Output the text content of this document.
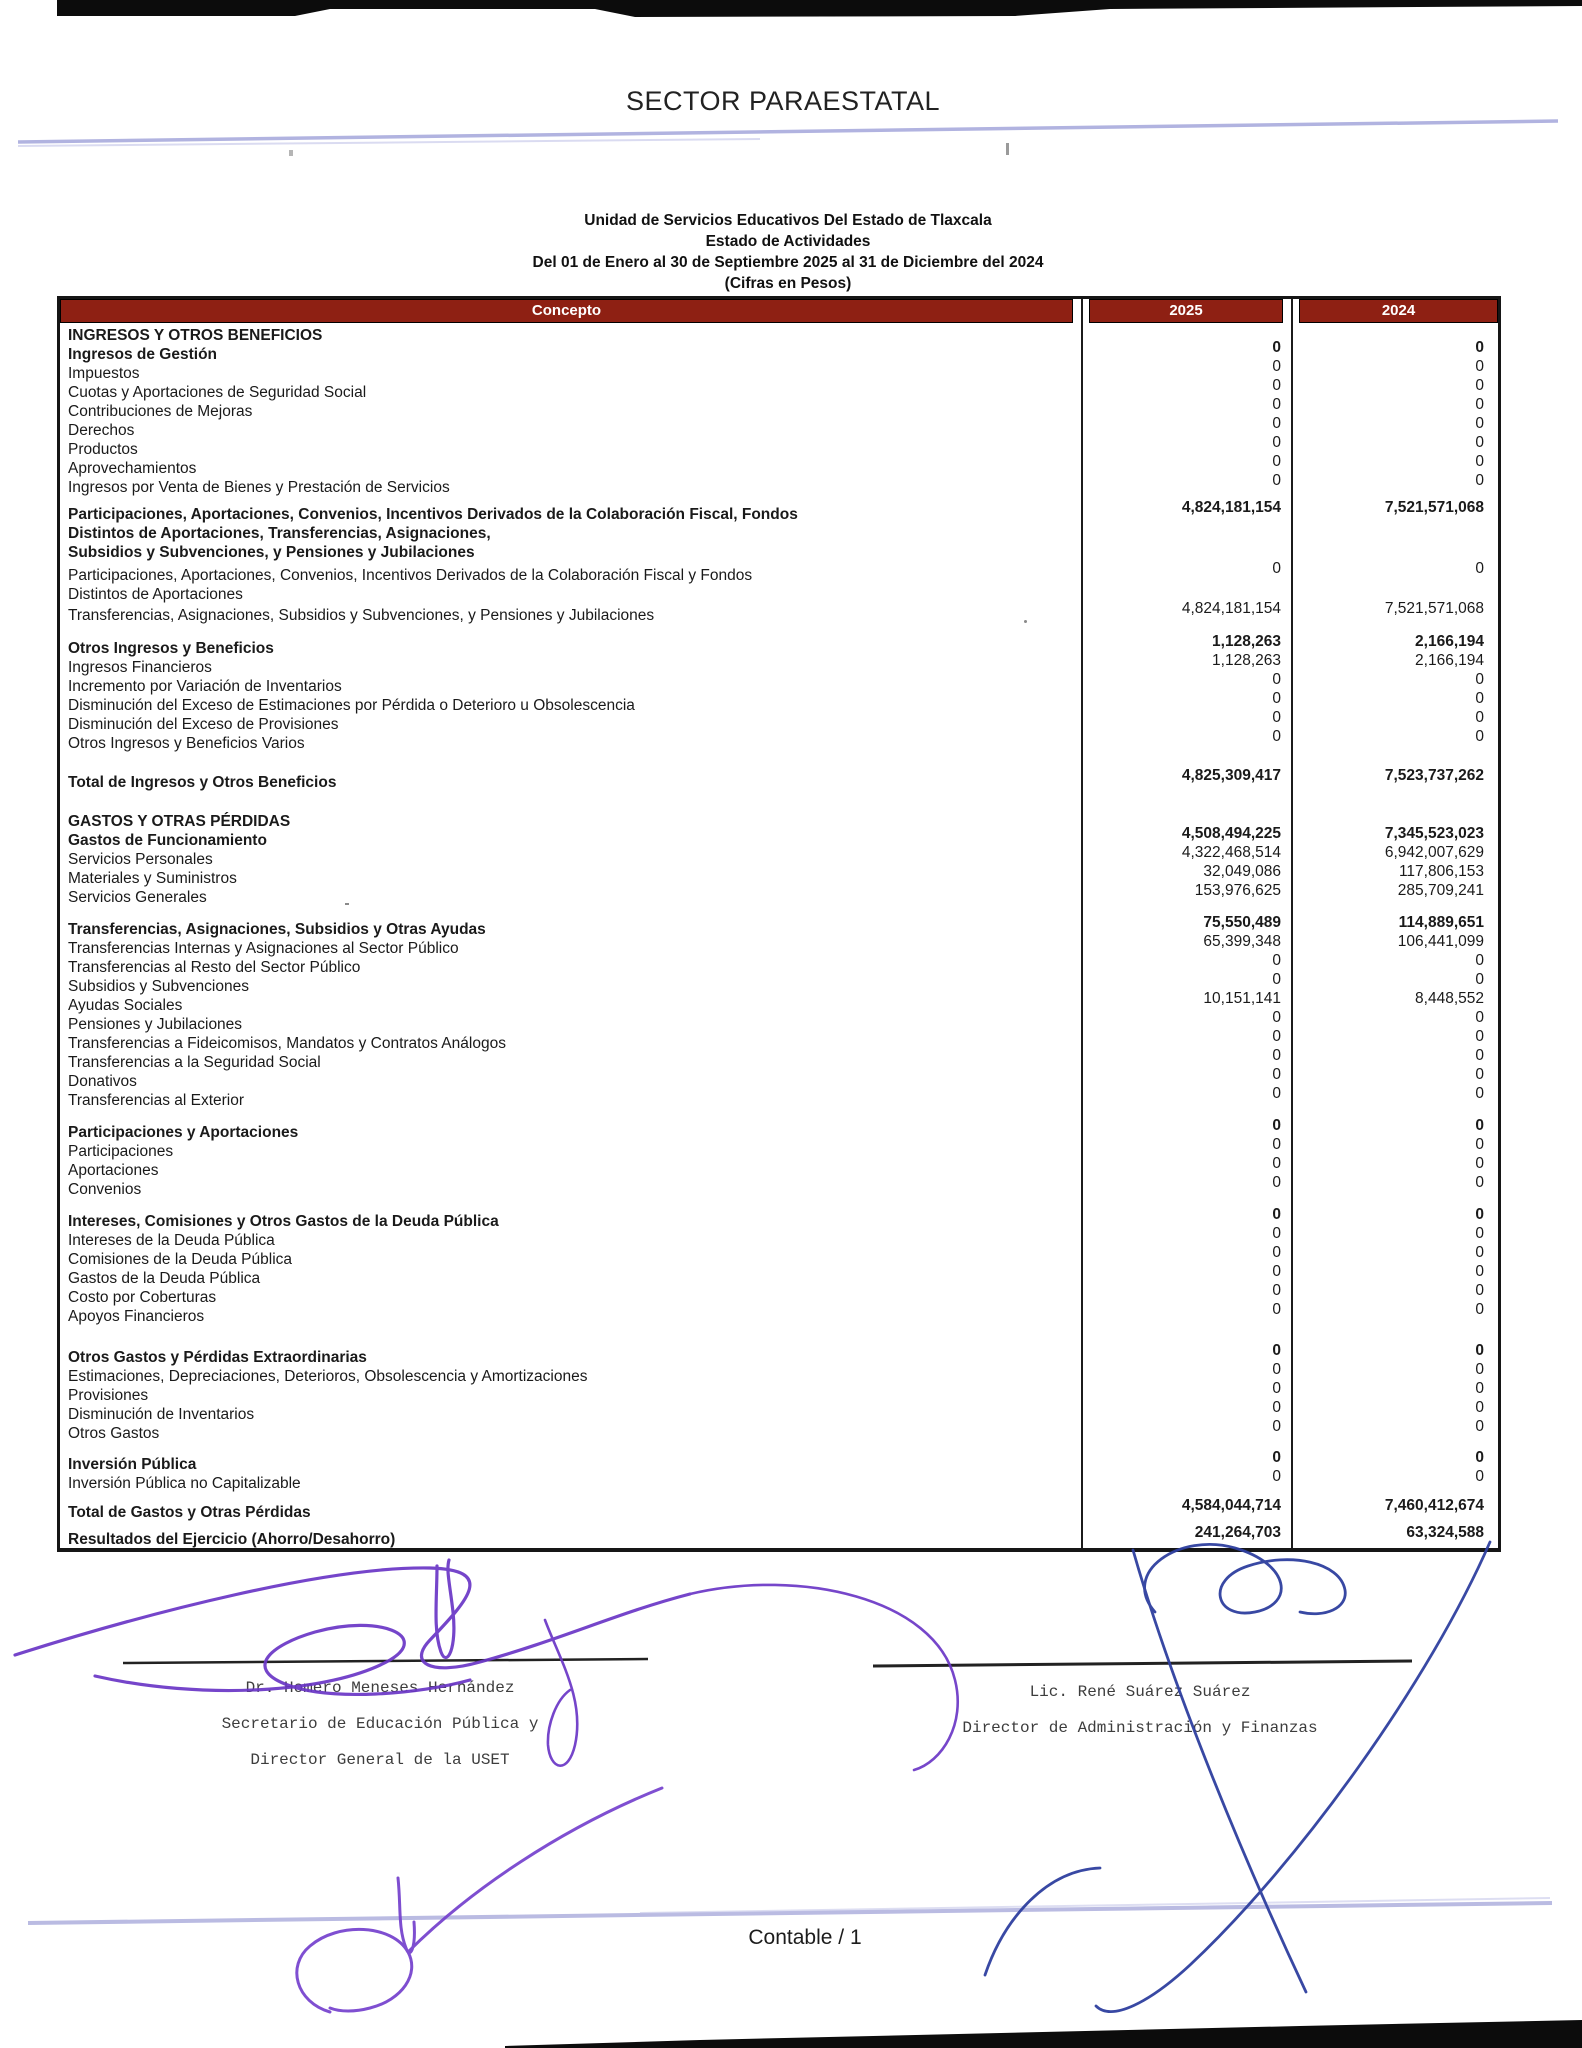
SECTOR PARAESTATAL
Unidad de Servicios Educativos Del Estado de Tlaxcala
Estado de Actividades
Del 01 de Enero al 30 de Septiembre 2025 al 31 de Diciembre del 2024
(Cifras en Pesos)
Concepto	2025	2024
INGRESOS Y OTROS BENEFICIOS
Ingresos de Gestión	0	0
Impuestos	0	0
Cuotas y Aportaciones de Seguridad Social	0	0
Contribuciones de Mejoras	0	0
Derechos	0	0
Productos	0	0
Aprovechamientos	0	0
Ingresos por Venta de Bienes y Prestación de Servicios	0	0
Participaciones, Aportaciones, Convenios, Incentivos Derivados de la Colaboración Fiscal, Fondos
Distintos de Aportaciones, Transferencias, Asignaciones,
Subsidios y Subvenciones, y Pensiones y Jubilaciones
4,824,181,154	7,521,571,068
Participaciones, Aportaciones, Convenios, Incentivos Derivados de la Colaboración Fiscal y Fondos
Distintos de Aportaciones
0	0
Transferencias, Asignaciones, Subsidios y Subvenciones, y Pensiones y Jubilaciones	4,824,181,154	7,521,571,068
Otros Ingresos y Beneficios	1,128,263	2,166,194
Ingresos Financieros	1,128,263	2,166,194
Incremento por Variación de Inventarios	0	0
Disminución del Exceso de Estimaciones por Pérdida o Deterioro u Obsolescencia	0	0
Disminución del Exceso de Provisiones	0	0
Otros Ingresos y Beneficios Varios	0	0
Total de Ingresos y Otros Beneficios	4,825,309,417	7,523,737,262
GASTOS Y OTRAS PÉRDIDAS
Gastos de Funcionamiento	4,508,494,225	7,345,523,023
Servicios Personales	4,322,468,514	6,942,007,629
Materiales y Suministros	32,049,086	117,806,153
Servicios Generales	153,976,625	285,709,241
Transferencias, Asignaciones, Subsidios y Otras Ayudas	75,550,489	114,889,651
Transferencias Internas y Asignaciones al Sector Público	65,399,348	106,441,099
Transferencias al Resto del Sector Público	0	0
Subsidios y Subvenciones	0	0
Ayudas Sociales	10,151,141	8,448,552
Pensiones y Jubilaciones	0	0
Transferencias a Fideicomisos, Mandatos y Contratos Análogos	0	0
Transferencias a la Seguridad Social	0	0
Donativos	0	0
Transferencias al Exterior	0	0
Participaciones y Aportaciones	0	0
Participaciones	0	0
Aportaciones	0	0
Convenios	0	0
Intereses, Comisiones y Otros Gastos de la Deuda Pública	0	0
Intereses de la Deuda Pública	0	0
Comisiones de la Deuda Pública	0	0
Gastos de la Deuda Pública	0	0
Costo por Coberturas	0	0
Apoyos Financieros	0	0
Otros Gastos y Pérdidas Extraordinarias	0	0
Estimaciones, Depreciaciones, Deterioros, Obsolescencia y Amortizaciones	0	0
Provisiones	0	0
Disminución de Inventarios	0	0
Otros Gastos	0	0
Inversión Pública	0	0
Inversión Pública no Capitalizable	0	0
Total de Gastos y Otras Pérdidas	4,584,044,714	7,460,412,674
Resultados del Ejercicio (Ahorro/Desahorro)	241,264,703	63,324,588
Dr. Homero Meneses Hernández
Secretario de Educación Pública y
Director General de la USET
Lic. René Suárez Suárez
Director de Administración y Finanzas
Contable / 1
